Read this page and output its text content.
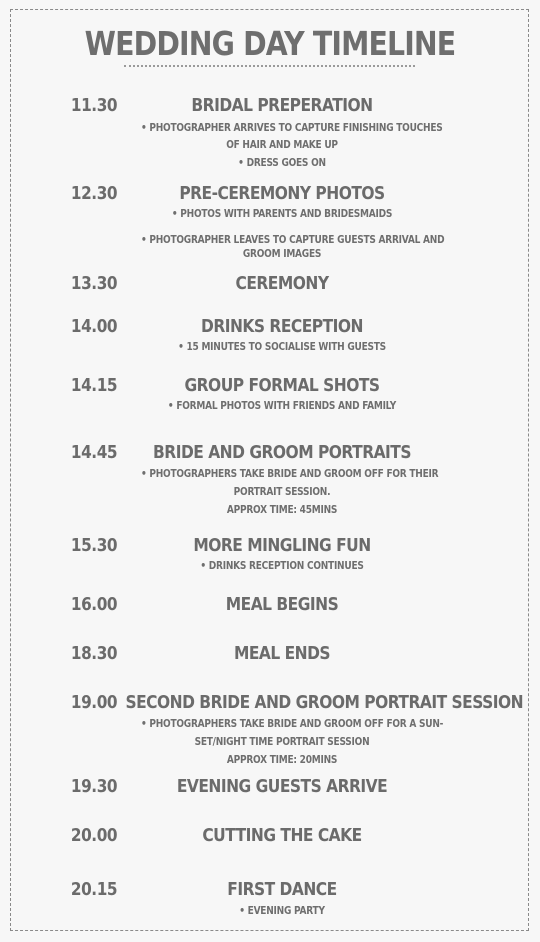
WEDDING DAY TIMELINE
11.30	BRIDAL PREPERATION
• PHOTOGRAPHER ARRIVES TO CAPTURE FINISHING TOUCHES
OF HAIR AND MAKE UP
• DRESS GOES ON
12.30	PRE-CEREMONY PHOTOS
• PHOTOS WITH PARENTS AND BRIDESMAIDS
• PHOTOGRAPHER LEAVES TO CAPTURE GUESTS ARRIVAL AND
GROOM IMAGES
13.30	CEREMONY
14.00	DRINKS RECEPTION
• 15 MINUTES TO SOCIALISE WITH GUESTS
14.15	GROUP FORMAL SHOTS
• FORMAL PHOTOS WITH FRIENDS AND FAMILY
14.45	BRIDE AND GROOM PORTRAITS
• PHOTOGRAPHERS TAKE BRIDE AND GROOM OFF FOR THEIR
PORTRAIT SESSION.
APPROX TIME: 45MINS
15.30	MORE MINGLING FUN
• DRINKS RECEPTION CONTINUES
16.00	MEAL BEGINS
18.30	MEAL ENDS
19.00 SECOND BRIDE AND GROOM PORTRAIT SESSION
• PHOTOGRAPHERS TAKE BRIDE AND GROOM OFF FOR A SUN-
SET/NIGHT TIME PORTRAIT SESSION
APPROX TIME: 20MINS
19.30	EVENING GUESTS ARRIVE
20.00	CUTTING THE CAKE
20.15	FIRST DANCE
• EVENING PARTY
